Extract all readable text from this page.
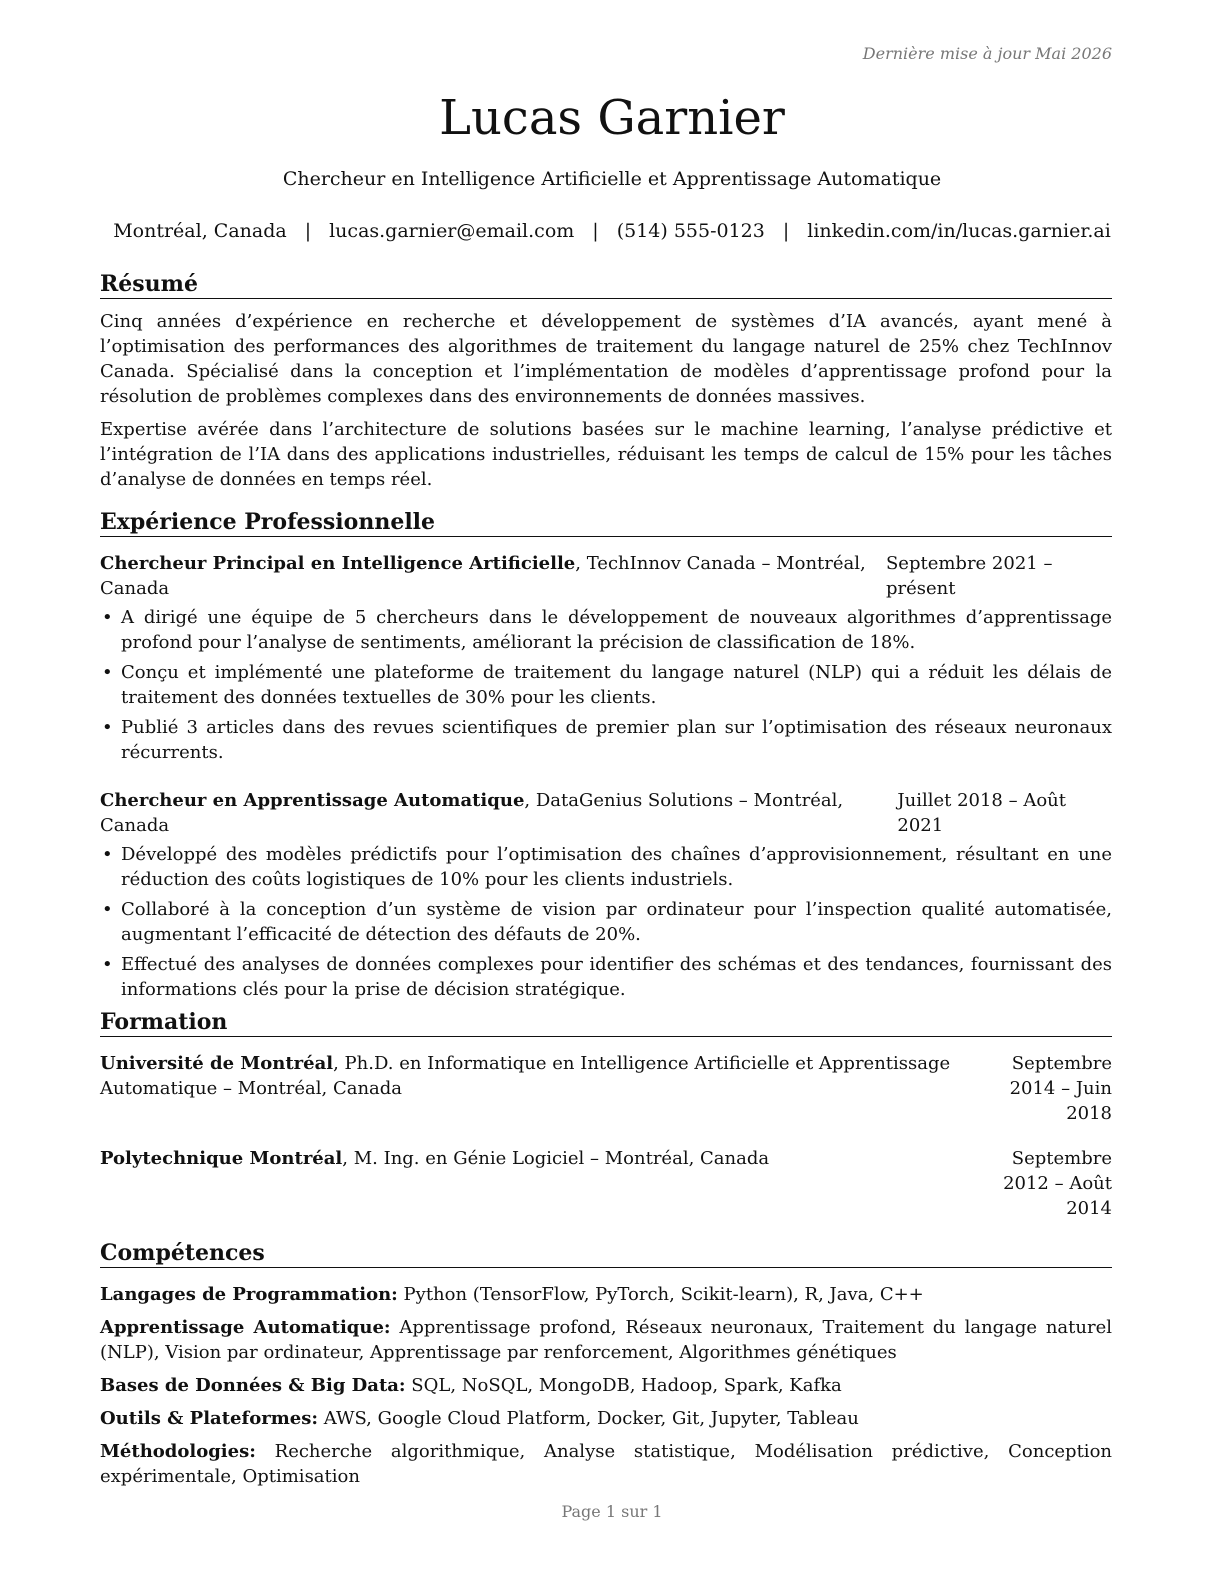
Dernière mise à jour Mai 2026
Lucas Garnier
Chercheur en Intelligence Artificielle et Apprentissage Automatique
Montréal, Canada | lucas.garnier@email.com | (514) 555-0123 | linkedin.com/in/lucas.garnier.ai
Résumé

Cinq années d’expérience en recherche et développement de systèmes d’IA avancés, ayant mené à l’optimisation des performances des algorithmes de traitement du langage naturel de 25% chez TechInnov Canada. Spécialisé dans la conception et l’implémentation de modèles d’apprentissage profond pour la résolution de problèmes complexes dans des environnements de données massives.

Expertise avérée dans l’architecture de solutions basées sur le machine learning, l’analyse prédictive et l’intégration de l’IA dans des applications industrielles, réduisant les temps de calcul de 15% pour les tâches d’analyse de données en temps réel.

Expérience Professionnelle
Chercheur Principal en Intelligence Artificielle, TechInnov Canada – Montréal, Canada
Septembre 2021 – présent
• A dirigé une équipe de 5 chercheurs dans le développement de nouveaux algorithmes d’apprentissage profond pour l’analyse de sentiments, améliorant la précision de classification de 18%.
• Conçu et implémenté une plateforme de traitement du langage naturel (NLP) qui a réduit les délais de traitement des données textuelles de 30% pour les clients.
• Publié 3 articles dans des revues scientifiques de premier plan sur l’optimisation des réseaux neuronaux récurrents.
Chercheur en Apprentissage Automatique, DataGenius Solutions – Montréal, Canada
Juillet 2018 – Août 2021
• Développé des modèles prédictifs pour l’optimisation des chaînes d’approvisionnement, résultant en une réduction des coûts logistiques de 10% pour les clients industriels.
• Collaboré à la conception d’un système de vision par ordinateur pour l’inspection qualité automatisée, augmentant l’efficacité de détection des défauts de 20%.
• Effectué des analyses de données complexes pour identifier des schémas et des tendances, fournissant des informations clés pour la prise de décision stratégique.
Formation
Université de Montréal, Ph.D. en Informatique en Intelligence Artificielle et Apprentissage Automatique – Montréal, Canada
Septembre 2014 – Juin 2018
Polytechnique Montréal, M. Ing. en Génie Logiciel – Montréal, Canada	Septembre 2012 – Août 2014
Compétences
Langages de Programmation: Python (TensorFlow, PyTorch, Scikit-learn), R, Java, C++
Apprentissage Automatique: Apprentissage profond, Réseaux neuronaux, Traitement du langage naturel (NLP), Vision par ordinateur, Apprentissage par renforcement, Algorithmes génétiques
Bases de Données & Big Data: SQL, NoSQL, MongoDB, Hadoop, Spark, Kafka
Outils & Plateformes: AWS, Google Cloud Platform, Docker, Git, Jupyter, Tableau
Méthodologies: Recherche algorithmique, Analyse statistique, Modélisation prédictive, Conception expérimentale, Optimisation
Page 1 sur 1
